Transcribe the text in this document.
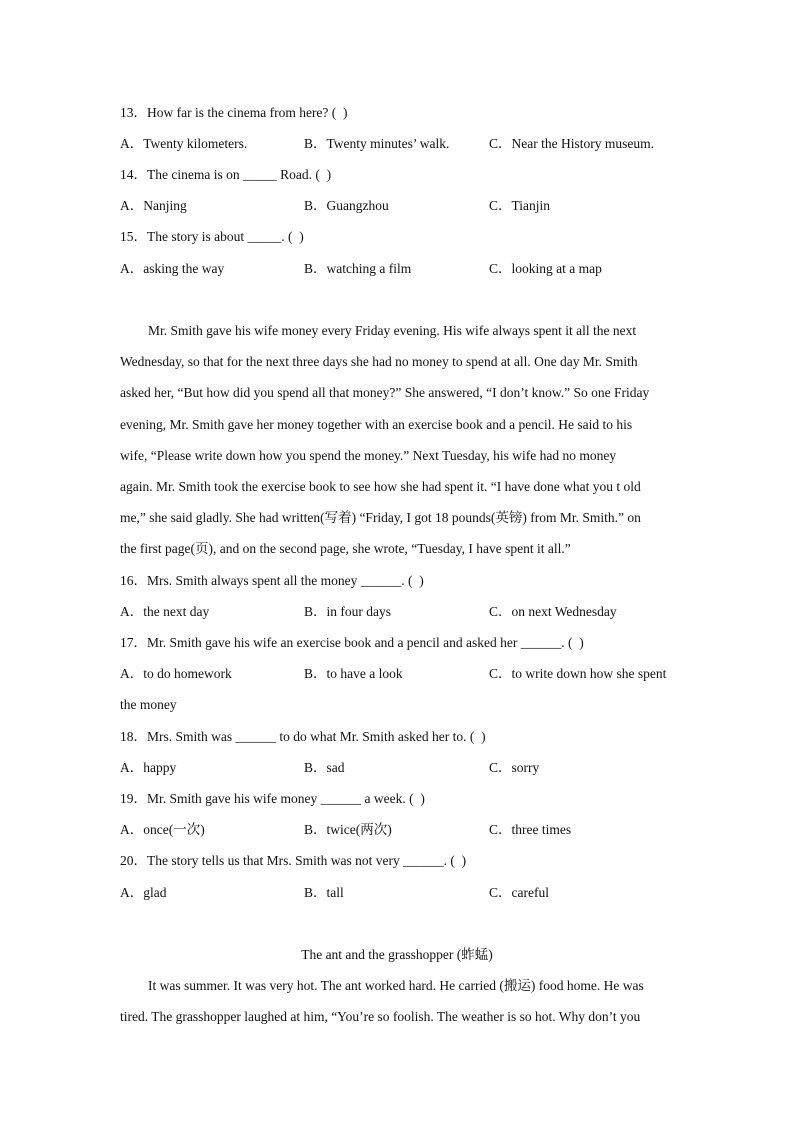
13．How far is the cinema from here? (  )
A．Twenty kilometers.	B．Twenty minutes’ walk.	C．Near the History museum.
14．The cinema is on _____ Road. (  )
A．Nanjing	B．Guangzhou	C．Tianjin
15．The story is about _____. (  )
A．asking the way	B．watching a film	C．looking at a map
Mr. Smith gave his wife money every Friday evening. His wife always spent it all the next
Wednesday, so that for the next three days she had no money to spend at all. One day Mr. Smith
asked her, “But how did you spend all that money?” She answered, “I don’t know.” So one Friday
evening, Mr. Smith gave her money together with an exercise book and a pencil. He said to his
wife, “Please write down how you spend the money.” Next Tuesday, his wife had no money
again. Mr. Smith took the exercise book to see how she had spent it. “I have done what you t old
me,” she said gladly. She had written(写着) “Friday, I got 18 pounds(英镑) from Mr. Smith.” on
the first page(页), and on the second page, she wrote, “Tuesday, I have spent it all.”
16．Mrs. Smith always spent all the money ______. (  )
A．the next day	B．in four days	C．on next Wednesday
17．Mr. Smith gave his wife an exercise book and a pencil and asked her ______. (  )
A．to do homework	B．to have a look	C．to write down how she spent
the money
18．Mrs. Smith was ______ to do what Mr. Smith asked her to. (  )
A．happy	B．sad	C．sorry
19．Mr. Smith gave his wife money ______ a week. (  )
A．once(一次)	B．twice(两次)	C．three times
20．The story tells us that Mrs. Smith was not very ______. (  )
A．glad	B．tall	C．careful
The ant and the grasshopper (蚱蜢)
It was summer. It was very hot. The ant worked hard. He carried (搬运) food home. He was
tired. The grasshopper laughed at him, “You’re so foolish. The weather is so hot. Why don’t you
